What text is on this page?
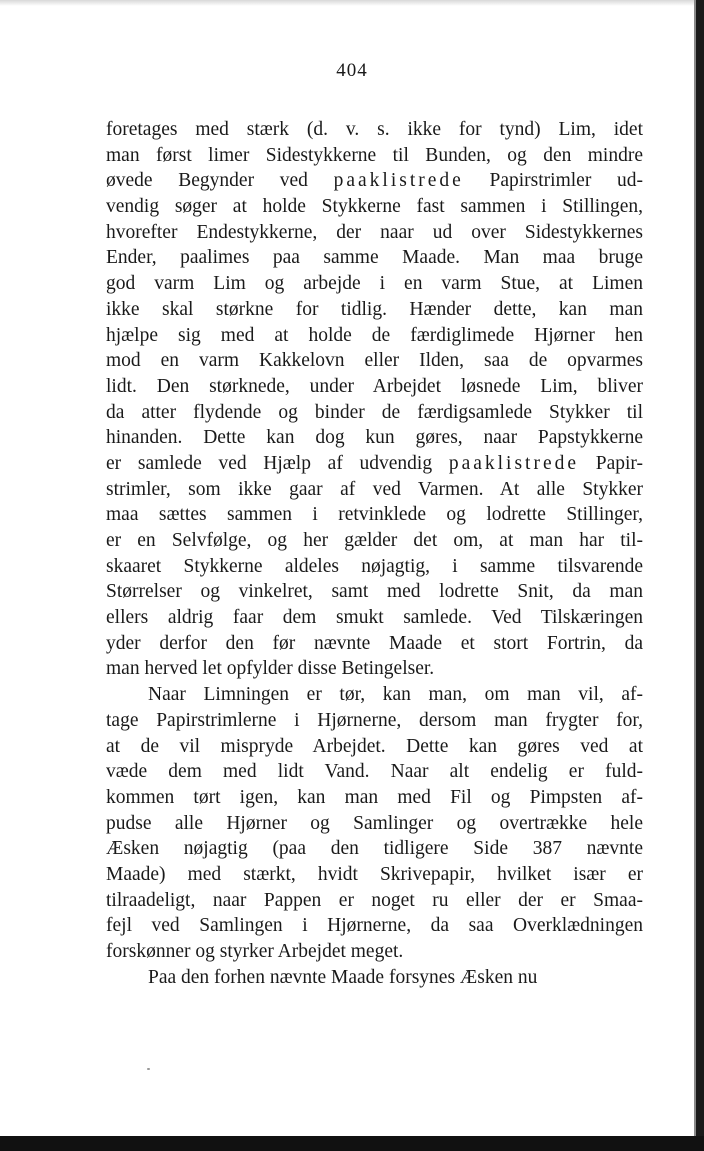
404
foretages med stærk (d. v. s. ikke for tynd) Lim, idet
man først limer Sidestykkerne til Bunden, og den mindre
øvede Begynder ved paaklistrede Papirstrimler ud-
vendig søger at holde Stykkerne fast sammen i Stillingen,
hvorefter Endestykkerne, der naar ud over Sidestykkernes
Ender, paalimes paa samme Maade. Man maa bruge
god varm Lim og arbejde i en varm Stue, at Limen
ikke skal størkne for tidlig. Hænder dette, kan man
hjælpe sig med at holde de færdiglimede Hjørner hen
mod en varm Kakkelovn eller Ilden, saa de opvarmes
lidt. Den størknede, under Arbejdet løsnede Lim, bliver
da atter flydende og binder de færdigsamlede Stykker til
hinanden. Dette kan dog kun gøres, naar Papstykkerne
er samlede ved Hjælp af udvendig paaklistrede Papir-
strimler, som ikke gaar af ved Varmen. At alle Stykker
maa sættes sammen i retvinklede og lodrette Stillinger,
er en Selvfølge, og her gælder det om, at man har til-
skaaret Stykkerne aldeles nøjagtig, i samme tilsvarende
Størrelser og vinkelret, samt med lodrette Snit, da man
ellers aldrig faar dem smukt samlede. Ved Tilskæringen
yder derfor den før nævnte Maade et stort Fortrin, da
man herved let opfylder disse Betingelser.
Naar Limningen er tør, kan man, om man vil, af-
tage Papirstrimlerne i Hjørnerne, dersom man frygter for,
at de vil mispryde Arbejdet. Dette kan gøres ved at
væde dem med lidt Vand. Naar alt endelig er fuld-
kommen tørt igen, kan man med Fil og Pimpsten af-
pudse alle Hjørner og Samlinger og overtrække hele
Æsken nøjagtig (paa den tidligere Side 387 nævnte
Maade) med stærkt, hvidt Skrivepapir, hvilket især er
tilraadeligt, naar Pappen er noget ru eller der er Smaa-
fejl ved Samlingen i Hjørnerne, da saa Overklædningen
forskønner og styrker Arbejdet meget.
Paa den forhen nævnte Maade forsynes Æsken nu
